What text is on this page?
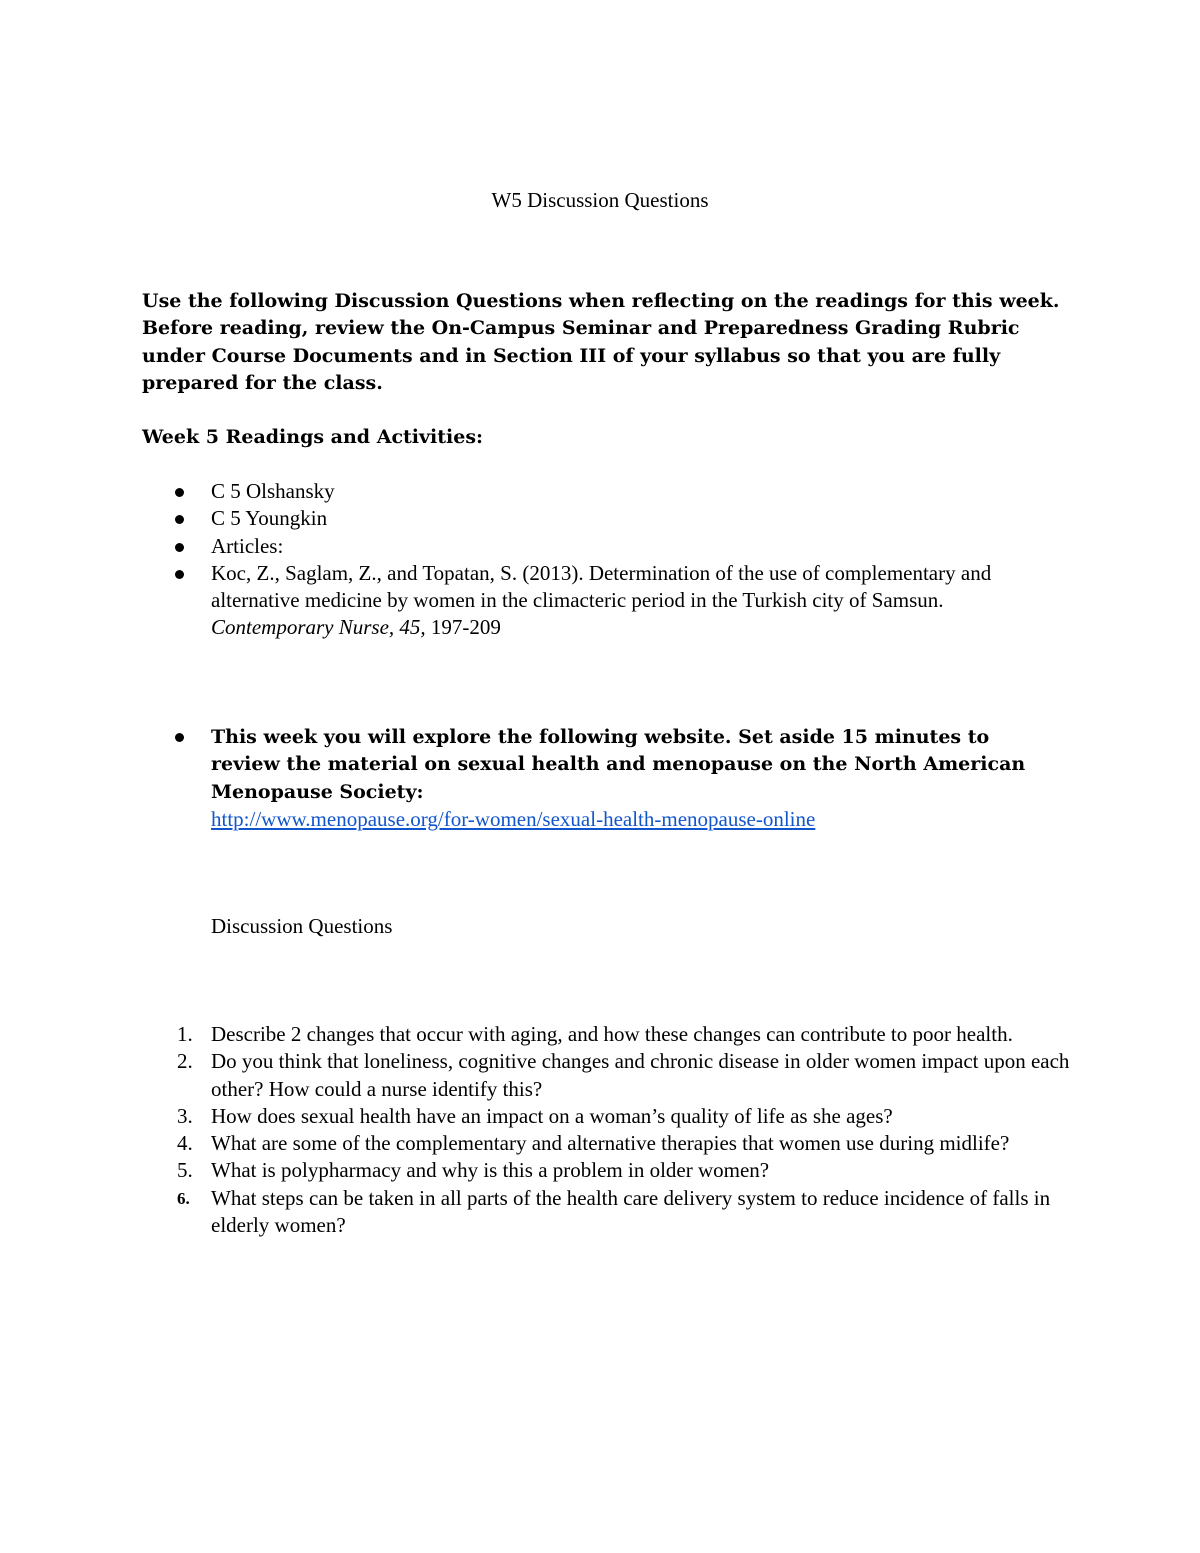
W5 Discussion Questions

Use the following Discussion Questions when reflecting on the readings for this week. Before reading, review the On-Campus Seminar and Preparedness Grading Rubric under Course Documents and in Section III of your syllabus so that you are fully prepared for the class.

Week 5 Readings and Activities:

C 5 Olshansky
C 5 Youngkin
Articles:
Koc, Z., Saglam, Z., and Topatan, S. (2013). Determination of the use of complementary and alternative medicine by women in the climacteric period in the Turkish city of Samsun. Contemporary Nurse, 45, 197-209
This week you will explore the following website. Set aside 15 minutes to review the material on sexual health and menopause on the North American Menopause Society:
http://www.menopause.org/for-women/sexual-health-menopause-online
Discussion Questions
1. Describe 2 changes that occur with aging, and how these changes can contribute to poor health.
2. Do you think that loneliness, cognitive changes and chronic disease in older women impact upon each other? How could a nurse identify this?
3. How does sexual health have an impact on a woman’s quality of life as she ages?
4. What are some of the complementary and alternative therapies that women use during midlife?
5. What is polypharmacy and why is this a problem in older women?
6. What steps can be taken in all parts of the health care delivery system to reduce incidence of falls in elderly women?
